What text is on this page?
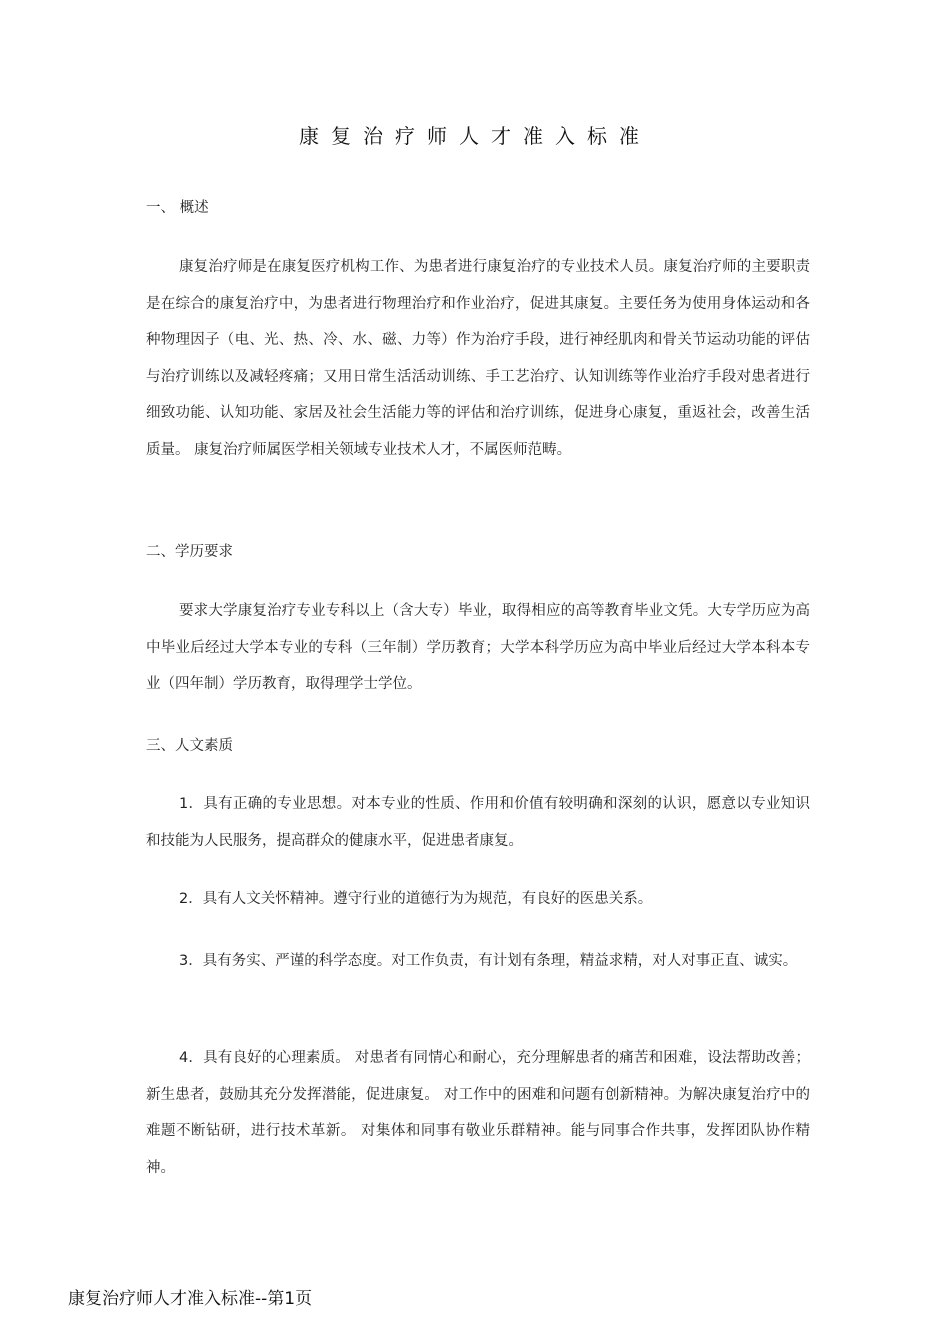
康复治疗师人才准入标准
一、 概述

康复治疗师是在康复医疗机构工作、为患者进行康复治疗的专业技术人员。康复治疗师的主要职责是在综合的康复治疗中，为患者进行物理治疗和作业治疗，促进其康复。主要任务为使用身体运动和各种物理因子（电、光、热、冷、水、磁、力等）作为治疗手段，进行神经肌肉和骨关节运动功能的评估与治疗训练以及减轻疼痛；又用日常生活活动训练、手工艺治疗、认知训练等作业治疗手段对患者进行细致功能、认知功能、家居及社会生活能力等的评估和治疗训练，促进身心康复，重返社会，改善生活质量。 康复治疗师属医学相关领域专业技术人才，不属医师范畴。

二、学历要求

要求大学康复治疗专业专科以上（含大专）毕业，取得相应的高等教育毕业文凭。大专学历应为高中毕业后经过大学本专业的专科（三年制）学历教育；大学本科学历应为高中毕业后经过大学本科本专业（四年制）学历教育，取得理学士学位。

三、人文素质

1．具有正确的专业思想。对本专业的性质、作用和价值有较明确和深刻的认识，愿意以专业知识和技能为人民服务，提高群众的健康水平，促进患者康复。

2．具有人文关怀精神。遵守行业的道德行为为规范，有良好的医患关系。

3．具有务实、严谨的科学态度。对工作负责，有计划有条理，精益求精，对人对事正直、诚实。

4．具有良好的心理素质。 对患者有同情心和耐心，充分理解患者的痛苦和困难，设法帮助改善；新生患者，鼓励其充分发挥潜能，促进康复。 对工作中的困难和问题有创新精神。为解决康复治疗中的难题不断钻研，进行技术革新。 对集体和同事有敬业乐群精神。能与同事合作共事，发挥团队协作精神。

康复治疗师人才准入标准--第1页
